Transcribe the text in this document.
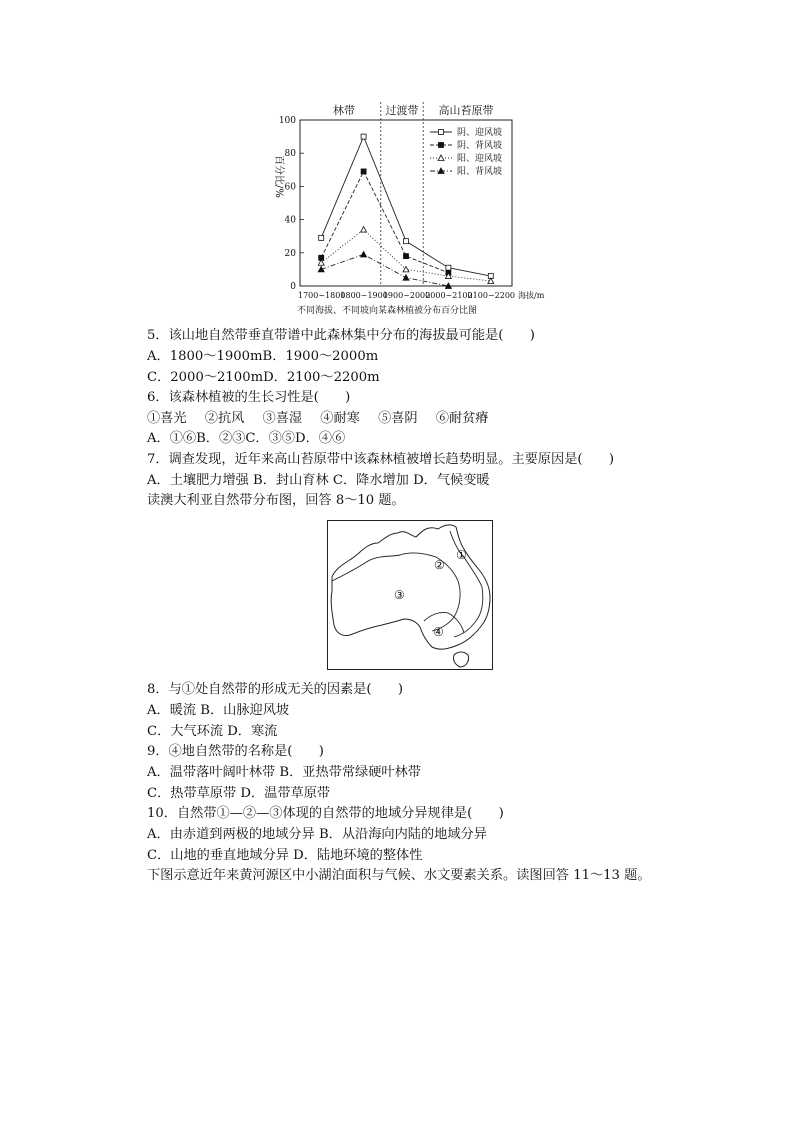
林带	过渡带 高山苔原带
百分比/%
海拔/m
不同海拔、不同坡向某森林植被分布百分比图
0
20
40
60
80
100
1700~1800
1800~1900
1900~2000
2000~2100
2100~2200
阴、迎风坡
阴、背风坡
阳、迎风坡
阳、背风坡
5．该山地自然带垂直带谱中此森林集中分布的海拔最可能是(　　)
A．1800～1900mB．1900～2000m
C．2000～2100mD．2100～2200m
6．该森林植被的生长习性是(　　)
①喜光 ②抗风 ③喜湿 ④耐寒 ⑤喜阴 ⑥耐贫瘠
A．①⑥B．②③C．③⑤D．④⑥
7．调查发现，近年来高山苔原带中该森林植被增长趋势明显。主要原因是(　　)
A．土壤肥力增强 B．封山育林 C．降水增加 D．气候变暖
读澳大利亚自然带分布图，回答 8～10 题。
①
②
③
④
8．与①处自然带的形成无关的因素是(　　)
A．暖流 B．山脉迎风坡
C．大气环流 D．寒流
9．④地自然带的名称是(　　)
A．温带落叶阔叶林带 B．亚热带常绿硬叶林带
C．热带草原带 D．温带草原带
10．自然带①—②—③体现的自然带的地域分异规律是(　　)
A．由赤道到两极的地域分异 B．从沿海向内陆的地域分异
C．山地的垂直地域分异 D．陆地环境的整体性
下图示意近年来黄河源区中小湖泊面积与气候、水文要素关系。读图回答 11～13 题。
